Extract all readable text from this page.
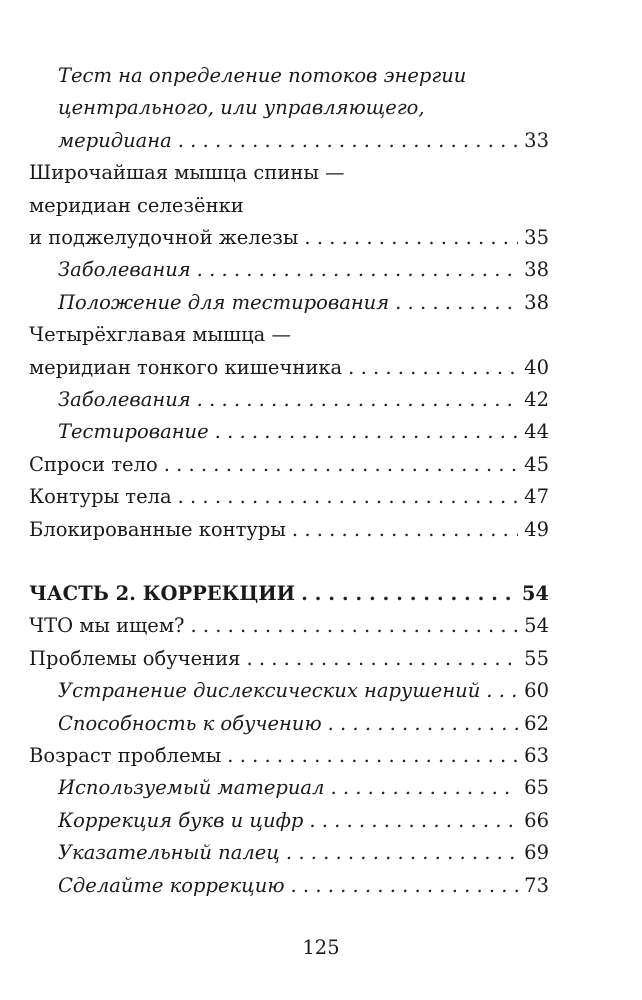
Тест на определение потоков энергии
центрального, или управляющего,
меридиана . . .	33
Широчайшая мышца спины —
меридиан селезёнки
и поджелудочной железы . . .	35
Заболевания . . .	38
Положение для тестирования . . .	38
Четырёхглавая мышца —
меридиан тонкого кишечника . . .	40
Заболевания . . .	42
Тестирование . . .	44
Спроси тело . . .	45
Контуры тела . . .	47
Блокированные контуры . . .	49
ЧАСТЬ 2. КОРРЕКЦИИ . . .	54
ЧТО мы ищем? . . .	54
Проблемы обучения . . .	55
Устранение дислексических нарушений . . . 60
Способность к обучению . . .	62
Возраст проблемы . . .	63
Используемый материал . . .	65
Коррекция букв и цифр . . .	66
Указательный палец . . .	69
Сделайте коррекцию . . .	73
125
